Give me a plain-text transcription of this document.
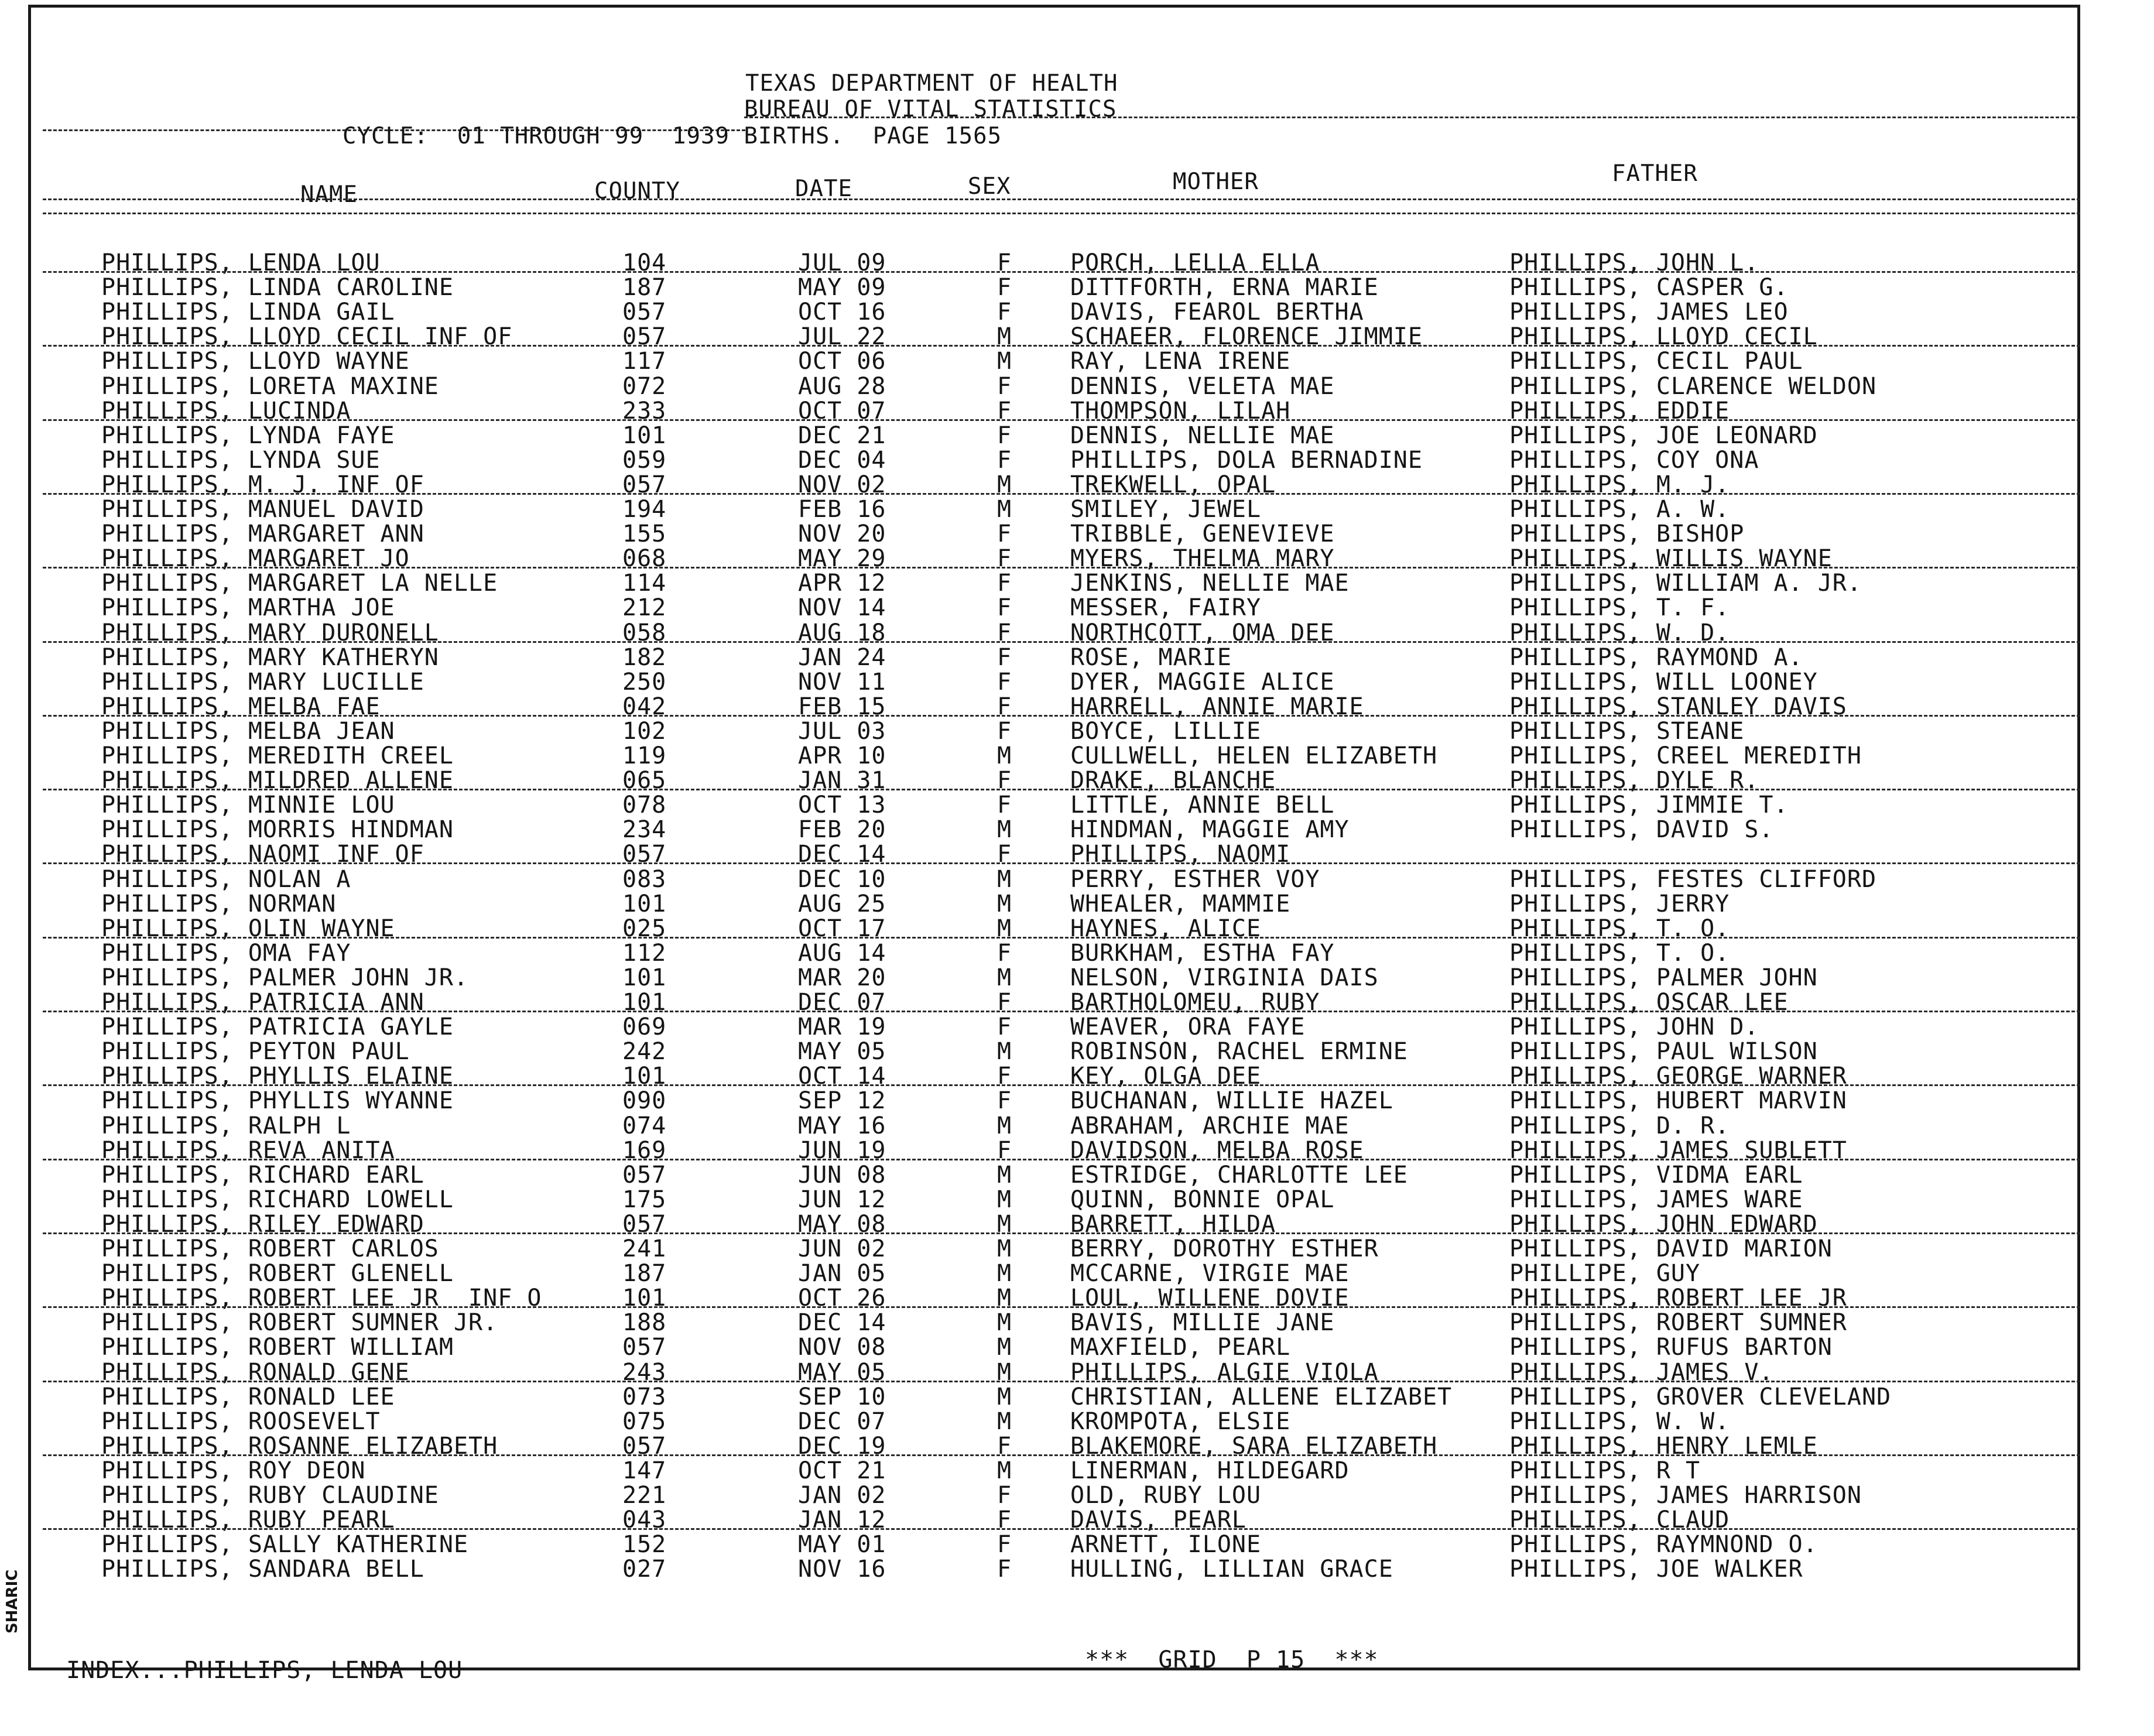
TEXAS DEPARTMENT OF HEALTH
BUREAU OF VITAL STATISTICS
CYCLE:  01 THROUGH 99  1939 BIRTHS.  PAGE 1565
NAME	COUNTY	DATE	SEX	MOTHER	FATHER
PHILLIPS, LENDA LOU	104	JUL 09	F PORCH, LELLA ELLA	PHILLIPS, JOHN L.
PHILLIPS, LINDA CAROLINE	187	MAY 09	F DITTFORTH, ERNA MARIE	PHILLIPS, CASPER G.
PHILLIPS, LINDA GAIL	057	OCT 16	F DAVIS, FEAROL BERTHA	PHILLIPS, JAMES LEO
PHILLIPS, LLOYD CECIL INF OF	057	JUL 22	M SCHAEER, FLORENCE JIMMIE	PHILLIPS, LLOYD CECIL
PHILLIPS, LLOYD WAYNE	117	OCT 06	M RAY, LENA IRENE	PHILLIPS, CECIL PAUL
PHILLIPS, LORETA MAXINE	072	AUG 28	F DENNIS, VELETA MAE	PHILLIPS, CLARENCE WELDON
PHILLIPS, LUCINDA	233	OCT 07	F THOMPSON, LILAH	PHILLIPS, EDDIE
PHILLIPS, LYNDA FAYE	101	DEC 21	F DENNIS, NELLIE MAE	PHILLIPS, JOE LEONARD
PHILLIPS, LYNDA SUE	059	DEC 04	F PHILLIPS, DOLA BERNADINE	PHILLIPS, COY ONA
PHILLIPS, M. J. INF OF	057	NOV 02	M TREKWELL, OPAL	PHILLIPS, M. J.
PHILLIPS, MANUEL DAVID	194	FEB 16	M SMILEY, JEWEL	PHILLIPS, A. W.
PHILLIPS, MARGARET ANN	155	NOV 20	F TRIBBLE, GENEVIEVE	PHILLIPS, BISHOP
PHILLIPS, MARGARET JO	068	MAY 29	F MYERS, THELMA MARY	PHILLIPS, WILLIS WAYNE
PHILLIPS, MARGARET LA NELLE	114	APR 12	F JENKINS, NELLIE MAE	PHILLIPS, WILLIAM A. JR.
PHILLIPS, MARTHA JOE	212	NOV 14	F MESSER, FAIRY	PHILLIPS, T. F.
PHILLIPS, MARY DURONELL	058	AUG 18	F NORTHCOTT, OMA DEE	PHILLIPS, W. D.
PHILLIPS, MARY KATHERYN	182	JAN 24	F ROSE, MARIE	PHILLIPS, RAYMOND A.
PHILLIPS, MARY LUCILLE	250	NOV 11	F DYER, MAGGIE ALICE	PHILLIPS, WILL LOONEY
PHILLIPS, MELBA FAE	042	FEB 15	F HARRELL, ANNIE MARIE	PHILLIPS, STANLEY DAVIS
PHILLIPS, MELBA JEAN	102	JUL 03	F BOYCE, LILLIE	PHILLIPS, STEANE
PHILLIPS, MEREDITH CREEL	119	APR 10	M CULLWELL, HELEN ELIZABETH	PHILLIPS, CREEL MEREDITH
PHILLIPS, MILDRED ALLENE	065	JAN 31	F DRAKE, BLANCHE	PHILLIPS, DYLE R.
PHILLIPS, MINNIE LOU	078	OCT 13	F LITTLE, ANNIE BELL	PHILLIPS, JIMMIE T.
PHILLIPS, MORRIS HINDMAN	234	FEB 20	M HINDMAN, MAGGIE AMY	PHILLIPS, DAVID S.
PHILLIPS, NAOMI INF OF	057	DEC 14	F PHILLIPS, NAOMI
PHILLIPS, NOLAN A	083	DEC 10	M PERRY, ESTHER VOY	PHILLIPS, FESTES CLIFFORD
PHILLIPS, NORMAN	101	AUG 25	M WHEALER, MAMMIE	PHILLIPS, JERRY
PHILLIPS, OLIN WAYNE	025	OCT 17	M HAYNES, ALICE	PHILLIPS, T. O.
PHILLIPS, OMA FAY	112	AUG 14	F BURKHAM, ESTHA FAY	PHILLIPS, T. O.
PHILLIPS, PALMER JOHN JR.	101	MAR 20	M NELSON, VIRGINIA DAIS	PHILLIPS, PALMER JOHN
PHILLIPS, PATRICIA ANN	101	DEC 07	F BARTHOLOMEU, RUBY	PHILLIPS, OSCAR LEE
PHILLIPS, PATRICIA GAYLE	069	MAR 19	F WEAVER, ORA FAYE	PHILLIPS, JOHN D.
PHILLIPS, PEYTON PAUL	242	MAY 05	M ROBINSON, RACHEL ERMINE	PHILLIPS, PAUL WILSON
PHILLIPS, PHYLLIS ELAINE	101	OCT 14	F KEY, OLGA DEE	PHILLIPS, GEORGE WARNER
PHILLIPS, PHYLLIS WYANNE	090	SEP 12	F BUCHANAN, WILLIE HAZEL	PHILLIPS, HUBERT MARVIN
PHILLIPS, RALPH L	074	MAY 16	M ABRAHAM, ARCHIE MAE	PHILLIPS, D. R.
PHILLIPS, REVA ANITA	169	JUN 19	F DAVIDSON, MELBA ROSE	PHILLIPS, JAMES SUBLETT
PHILLIPS, RICHARD EARL	057	JUN 08	M ESTRIDGE, CHARLOTTE LEE	PHILLIPS, VIDMA EARL
PHILLIPS, RICHARD LOWELL	175	JUN 12	M QUINN, BONNIE OPAL	PHILLIPS, JAMES WARE
PHILLIPS, RILEY EDWARD	057	MAY 08	M BARRETT, HILDA	PHILLIPS, JOHN EDWARD
PHILLIPS, ROBERT CARLOS	241	JUN 02	M BERRY, DOROTHY ESTHER	PHILLIPS, DAVID MARION
PHILLIPS, ROBERT GLENELL	187	JAN 05	M MCCARNE, VIRGIE MAE	PHILLIPE, GUY
PHILLIPS, ROBERT LEE JR  INF O	101	OCT 26	M LOUL, WILLENE DOVIE	PHILLIPS, ROBERT LEE JR
PHILLIPS, ROBERT SUMNER JR.	188	DEC 14	M BAVIS, MILLIE JANE	PHILLIPS, ROBERT SUMNER
PHILLIPS, ROBERT WILLIAM	057	NOV 08	M MAXFIELD, PEARL	PHILLIPS, RUFUS BARTON
PHILLIPS, RONALD GENE	243	MAY 05	M PHILLIPS, ALGIE VIOLA	PHILLIPS, JAMES V.
PHILLIPS, RONALD LEE	073	SEP 10	M CHRISTIAN, ALLENE ELIZABET PHILLIPS, GROVER CLEVELAND
PHILLIPS, ROOSEVELT	075	DEC 07	M KROMPOTA, ELSIE	PHILLIPS, W. W.
PHILLIPS, ROSANNE ELIZABETH	057	DEC 19	F BLAKEMORE, SARA ELIZABETH	PHILLIPS, HENRY LEMLE
PHILLIPS, ROY DEON	147	OCT 21	M LINERMAN, HILDEGARD	PHILLIPS, R T
PHILLIPS, RUBY CLAUDINE	221	JAN 02	F OLD, RUBY LOU	PHILLIPS, JAMES HARRISON
PHILLIPS, RUBY PEARL	043	JAN 12	F DAVIS, PEARL	PHILLIPS, CLAUD
PHILLIPS, SALLY KATHERINE	152	MAY 01	F ARNETT, ILONE	PHILLIPS, RAYMNOND O.
PHILLIPS, SANDARA BELL	027	NOV 16	F HULLING, LILLIAN GRACE	PHILLIPS, JOE WALKER
INDEX...PHILLIPS, LENDA LOU	***  GRID  P 15  ***
SHARIC
